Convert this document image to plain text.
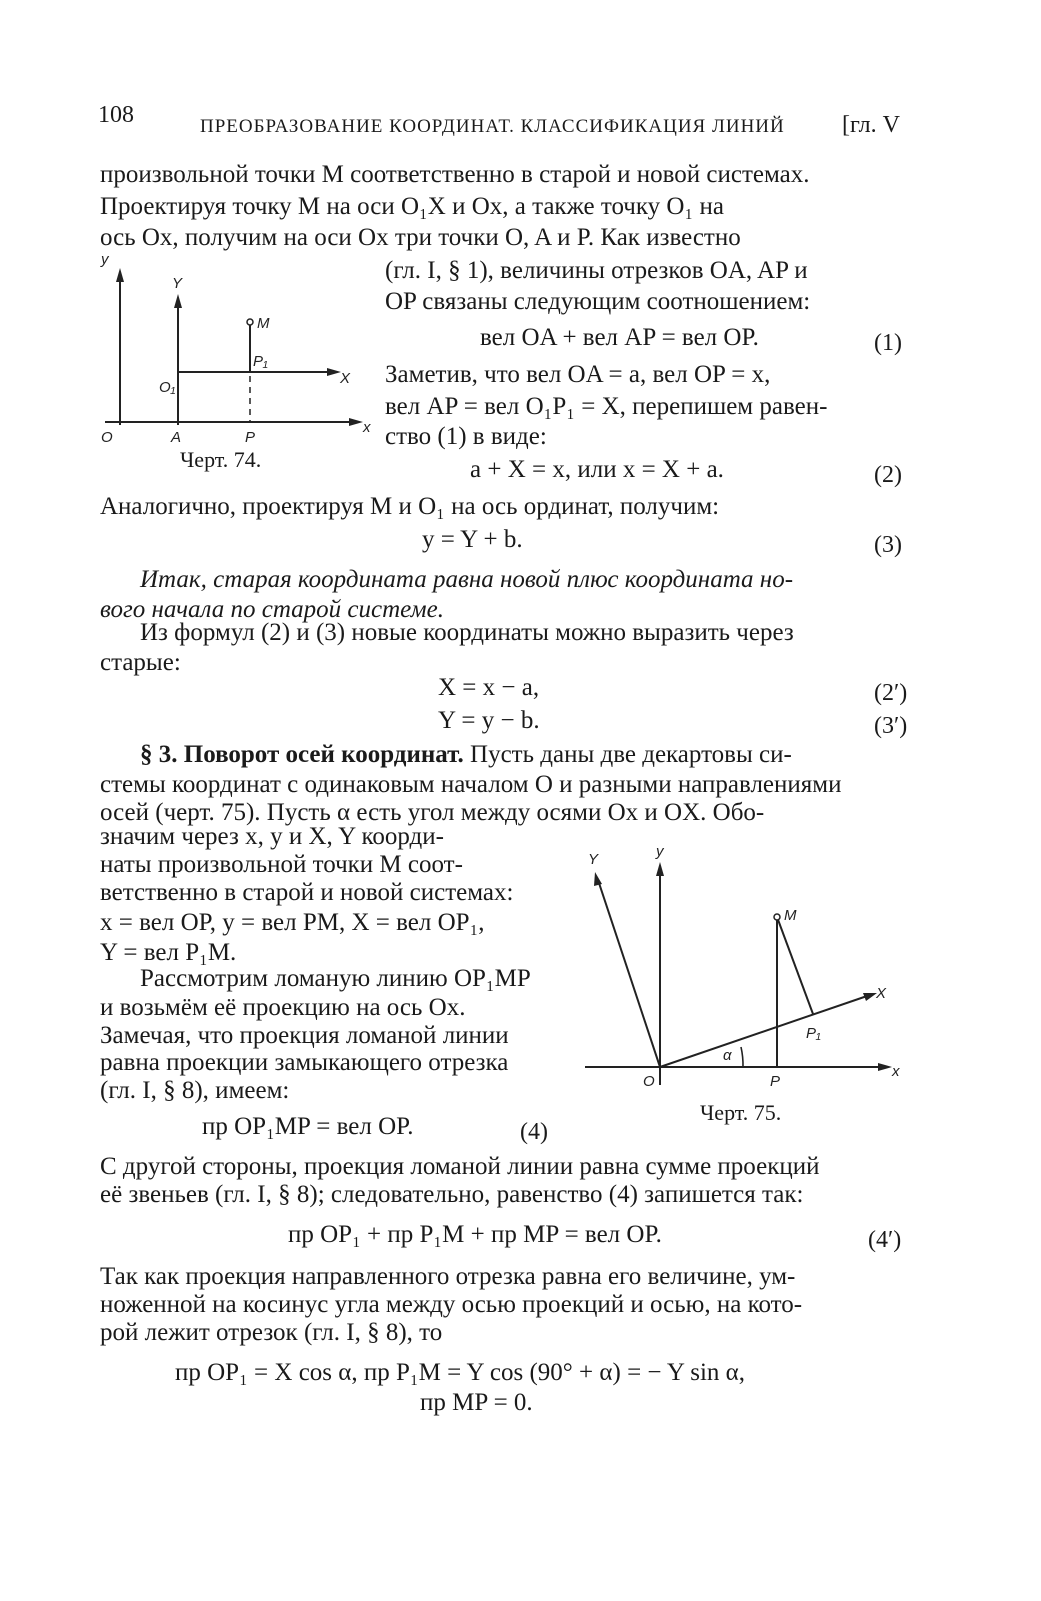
108	ПРЕОБРАЗОВАНИЕ КООРДИНАТ. КЛАССИФИКАЦИЯ ЛИНИЙ [гл. V
произвольной точки M соответственно в старой и новой системах.
Проектируя точку M на оси O₁X и Ox, а также точку O₁ на
ось Ox, получим на оси Ox три точки O, A и P. Как известно
(гл. I, § 1), величины отрезков OA, AP и
OP связаны следующим соотношением:
вел OA + вел AP = вел OP.	(1)
Заметив, что вел OA = a, вел OP = x,
вел AP = вел O₁P₁ = X, перепишем равен-
ство (1) в виде:
a + X = x, или x = X + a.	(2)
y
Y
M
P₁
X
x
O₁
O	A	P
Черт. 74.
Аналогично, проектируя M и O₁ на ось ординат, получим:
y = Y + b.	(3)
Итак, старая координата равна новой плюс координата но-
вого начала по старой системе.
Из формул (2) и (3) новые координаты можно выразить через
старые:
X = x − a,	(2′)
Y = y − b.	(3′)
§ 3. Поворот осей координат. Пусть даны две декартовы си-
стемы координат с одинаковым началом O и разными направлениями
осей (черт. 75). Пусть α есть угол между осями Ox и OX. Обо-
значим через x, y и X, Y коорди-
наты произвольной точки M соот-
ветственно в старой и новой системах:
x = вел OP, y = вел PM, X = вел OP₁,
Y = вел P₁M.
Рассмотрим ломаную линию OP₁MP
и возьмём её проекцию на ось Ox.
Замечая, что проекция ломаной линии
равна проекции замыкающего отрезка
(гл. I, § 8), имеем:
пр OP₁MP = вел OP.	(4)
Y	y
M
X
P₁
α
O	P
x
Черт. 75.
С другой стороны, проекция ломаной линии равна сумме проекций
её звеньев (гл. I, § 8); следовательно, равенство (4) запишется так:
пр OP₁ + пр P₁M + пр MP = вел OP.	(4′)
Так как проекция направленного отрезка равна его величине, ум-
ноженной на косинус угла между осью проекций и осью, на кото-
рой лежит отрезок (гл. I, § 8), то
пр OP₁ = X cos α, пр P₁M = Y cos (90° + α) = − Y sin α,
пр MP = 0.
